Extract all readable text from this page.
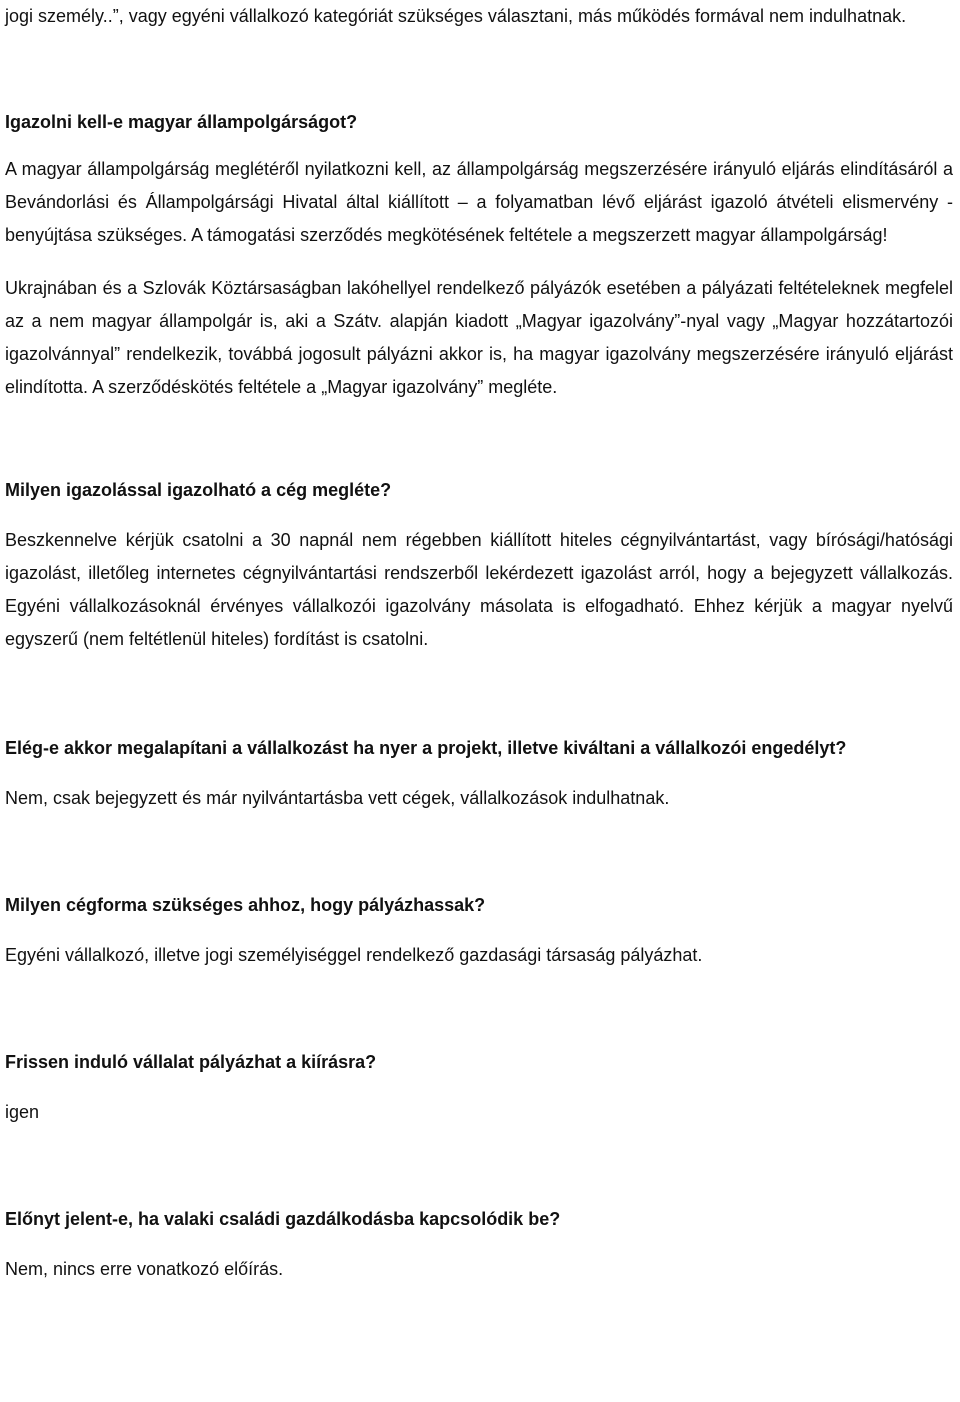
jogi személy..”, vagy egyéni vállalkozó kategóriát szükséges választani, más működés formával nem indulhatnak.

Igazolni kell-e magyar állampolgárságot?

A magyar állampolgárság meglétéről nyilatkozni kell, az állampolgárság megszerzésére irányuló eljárás elindításáról a Bevándorlási és Állampolgársági Hivatal által kiállított – a folyamatban lévő eljárást igazoló átvételi elismervény - benyújtása szükséges. A támogatási szerződés megkötésének feltétele a megszerzett magyar állampolgárság!

Ukrajnában és a Szlovák Köztársaságban lakóhellyel rendelkező pályázók esetében a pályázati feltételeknek megfelel az a nem magyar állampolgár is, aki a Szátv. alapján kiadott „Magyar igazolvány”-nyal vagy „Magyar hozzátartozói igazolvánnyal” rendelkezik, továbbá jogosult pályázni akkor is, ha magyar igazolvány megszerzésére irányuló eljárást elindította. A szerződéskötés feltétele a „Magyar igazolvány” megléte.

Milyen igazolással igazolható a cég megléte?

Beszkennelve kérjük csatolni a 30 napnál nem régebben kiállított hiteles cégnyilvántartást, vagy bírósági/hatósági igazolást, illetőleg internetes cégnyilvántartási rendszerből lekérdezett igazolást arról, hogy a bejegyzett vállalkozás. Egyéni vállalkozásoknál érvényes vállalkozói igazolvány másolata is elfogadható. Ehhez kérjük a magyar nyelvű egyszerű (nem feltétlenül hiteles) fordítást is csatolni.

Elég-e akkor megalapítani a vállalkozást ha nyer a projekt, illetve kiváltani a vállalkozói engedélyt?

Nem, csak bejegyzett és már nyilvántartásba vett cégek, vállalkozások indulhatnak.

Milyen cégforma szükséges ahhoz, hogy pályázhassak?

Egyéni vállalkozó, illetve jogi személyiséggel rendelkező gazdasági társaság pályázhat.

Frissen induló vállalat pályázhat a kiírásra?

igen

Előnyt jelent-e, ha valaki családi gazdálkodásba kapcsolódik be?

Nem, nincs erre vonatkozó előírás.
